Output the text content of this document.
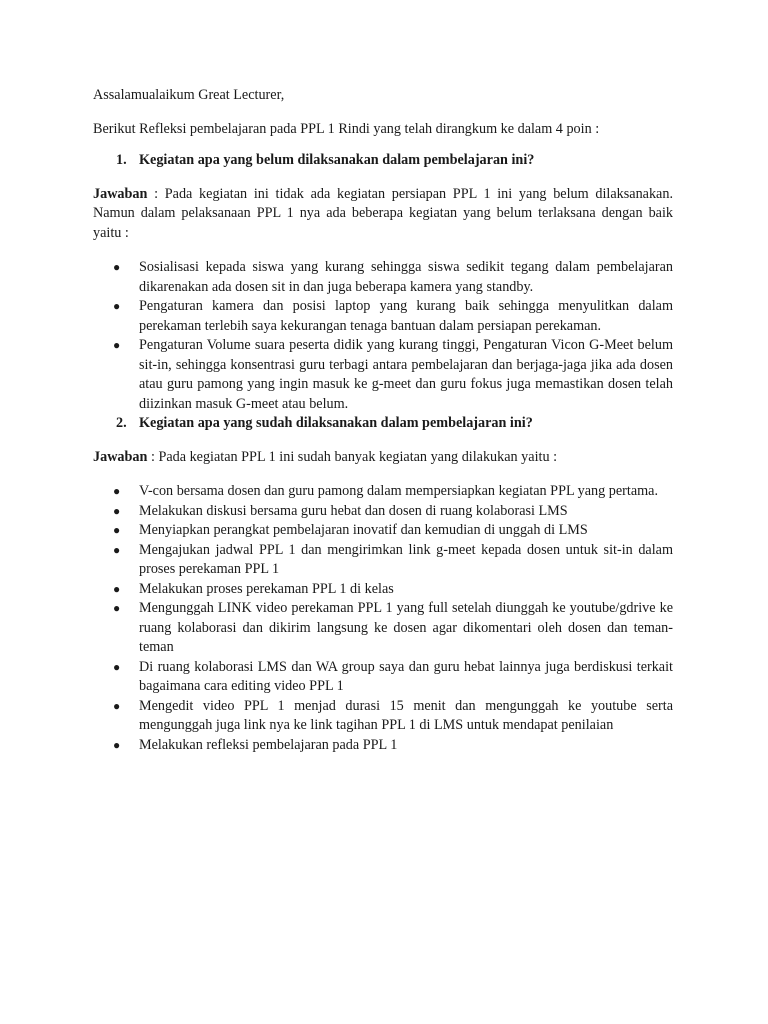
Assalamualaikum Great Lecturer,

Berikut Refleksi pembelajaran pada PPL 1 Rindi yang telah dirangkum ke dalam 4 poin :

1. Kegiatan apa yang belum dilaksanakan dalam pembelajaran ini?

Jawaban : Pada kegiatan ini tidak ada kegiatan persiapan PPL 1 ini yang belum dilaksanakan. Namun dalam pelaksanaan PPL 1 nya ada beberapa kegiatan yang belum terlaksana dengan baik yaitu :

● Sosialisasi kepada siswa yang kurang sehingga siswa sedikit tegang dalam pembelajaran dikarenakan ada dosen sit in dan juga beberapa kamera yang standby.
● Pengaturan kamera dan posisi laptop yang kurang baik sehingga menyulitkan dalam perekaman terlebih saya kekurangan tenaga bantuan dalam persiapan perekaman.
● Pengaturan Volume suara peserta didik yang kurang tinggi, Pengaturan Vicon G-Meet belum sit-in, sehingga konsentrasi guru terbagi antara pembelajaran dan berjaga-jaga jika ada dosen atau guru pamong yang ingin masuk ke g-meet dan guru fokus juga memastikan dosen telah diizinkan masuk G-meet atau belum.
2. Kegiatan apa yang sudah dilaksanakan dalam pembelajaran ini?

Jawaban : Pada kegiatan PPL 1 ini sudah banyak kegiatan yang dilakukan yaitu :

● V-con bersama dosen dan guru pamong dalam mempersiapkan kegiatan PPL yang pertama.
● Melakukan diskusi bersama guru hebat dan dosen di ruang kolaborasi LMS
● Menyiapkan perangkat pembelajaran inovatif dan kemudian di unggah di LMS
● Mengajukan jadwal PPL 1 dan mengirimkan link g-meet kepada dosen untuk sit-in dalam proses perekaman PPL 1
● Melakukan proses perekaman PPL 1 di kelas
● Mengunggah LINK video perekaman PPL 1 yang full setelah diunggah ke youtube/gdrive ke ruang kolaborasi dan dikirim langsung ke dosen agar dikomentari oleh dosen dan teman-teman
● Di ruang kolaborasi LMS dan WA group saya dan guru hebat lainnya juga berdiskusi terkait bagaimana cara editing video PPL 1
● Mengedit video PPL 1 menjad durasi 15 menit dan mengunggah ke youtube serta mengunggah juga link nya ke link tagihan PPL 1 di LMS untuk mendapat penilaian
● Melakukan refleksi pembelajaran pada PPL 1
